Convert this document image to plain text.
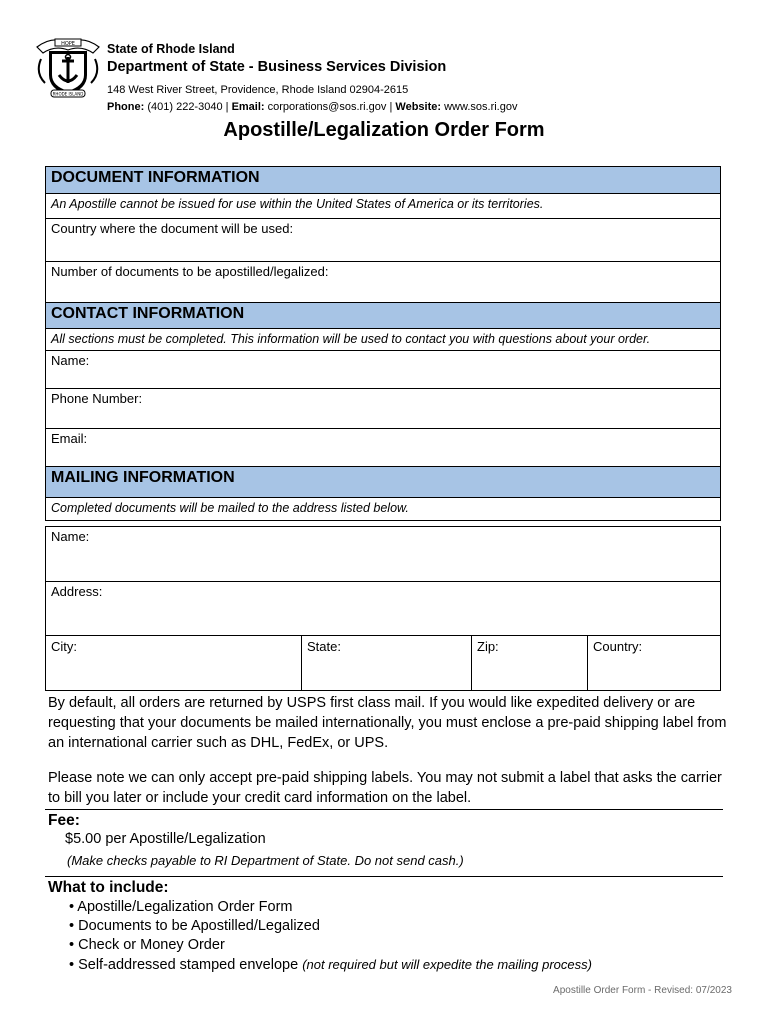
HOPE
RHODE ISLAND
State of Rhode Island
Department of State - Business Services Division
148 West River Street, Providence, Rhode Island 02904-2615
Phone: (401) 222-3040 | Email: corporations@sos.ri.gov | Website: www.sos.ri.gov
Apostille/Legalization Order Form
DOCUMENT INFORMATION
An Apostille cannot be issued for use within the United States of America or its territories.
Country where the document will be used:
Number of documents to be apostilled/legalized:
CONTACT INFORMATION
All sections must be completed. This information will be used to contact you with questions about your order.
Name:
Phone Number:
Email:
MAILING INFORMATION
Completed documents will be mailed to the address listed below.
Name:
Address:
City:	State:	Zip:	Country:
By default, all orders are returned by USPS first class mail. If you would like expedited delivery or are requesting that your documents be mailed internationally, you must enclose a pre-paid shipping label from an international carrier such as DHL, FedEx, or UPS.
Please note we can only accept pre-paid shipping labels. You may not submit a label that asks the carrier to bill you later or include your credit card information on the label.
Fee:
$5.00 per Apostille/Legalization
(Make checks payable to RI Department of State. Do not send cash.)
What to include:
• Apostille/Legalization Order Form
• Documents to be Apostilled/Legalized
• Check or Money Order
• Self-addressed stamped envelope (not required but will expedite the mailing process)
Apostille Order Form - Revised: 07/2023
